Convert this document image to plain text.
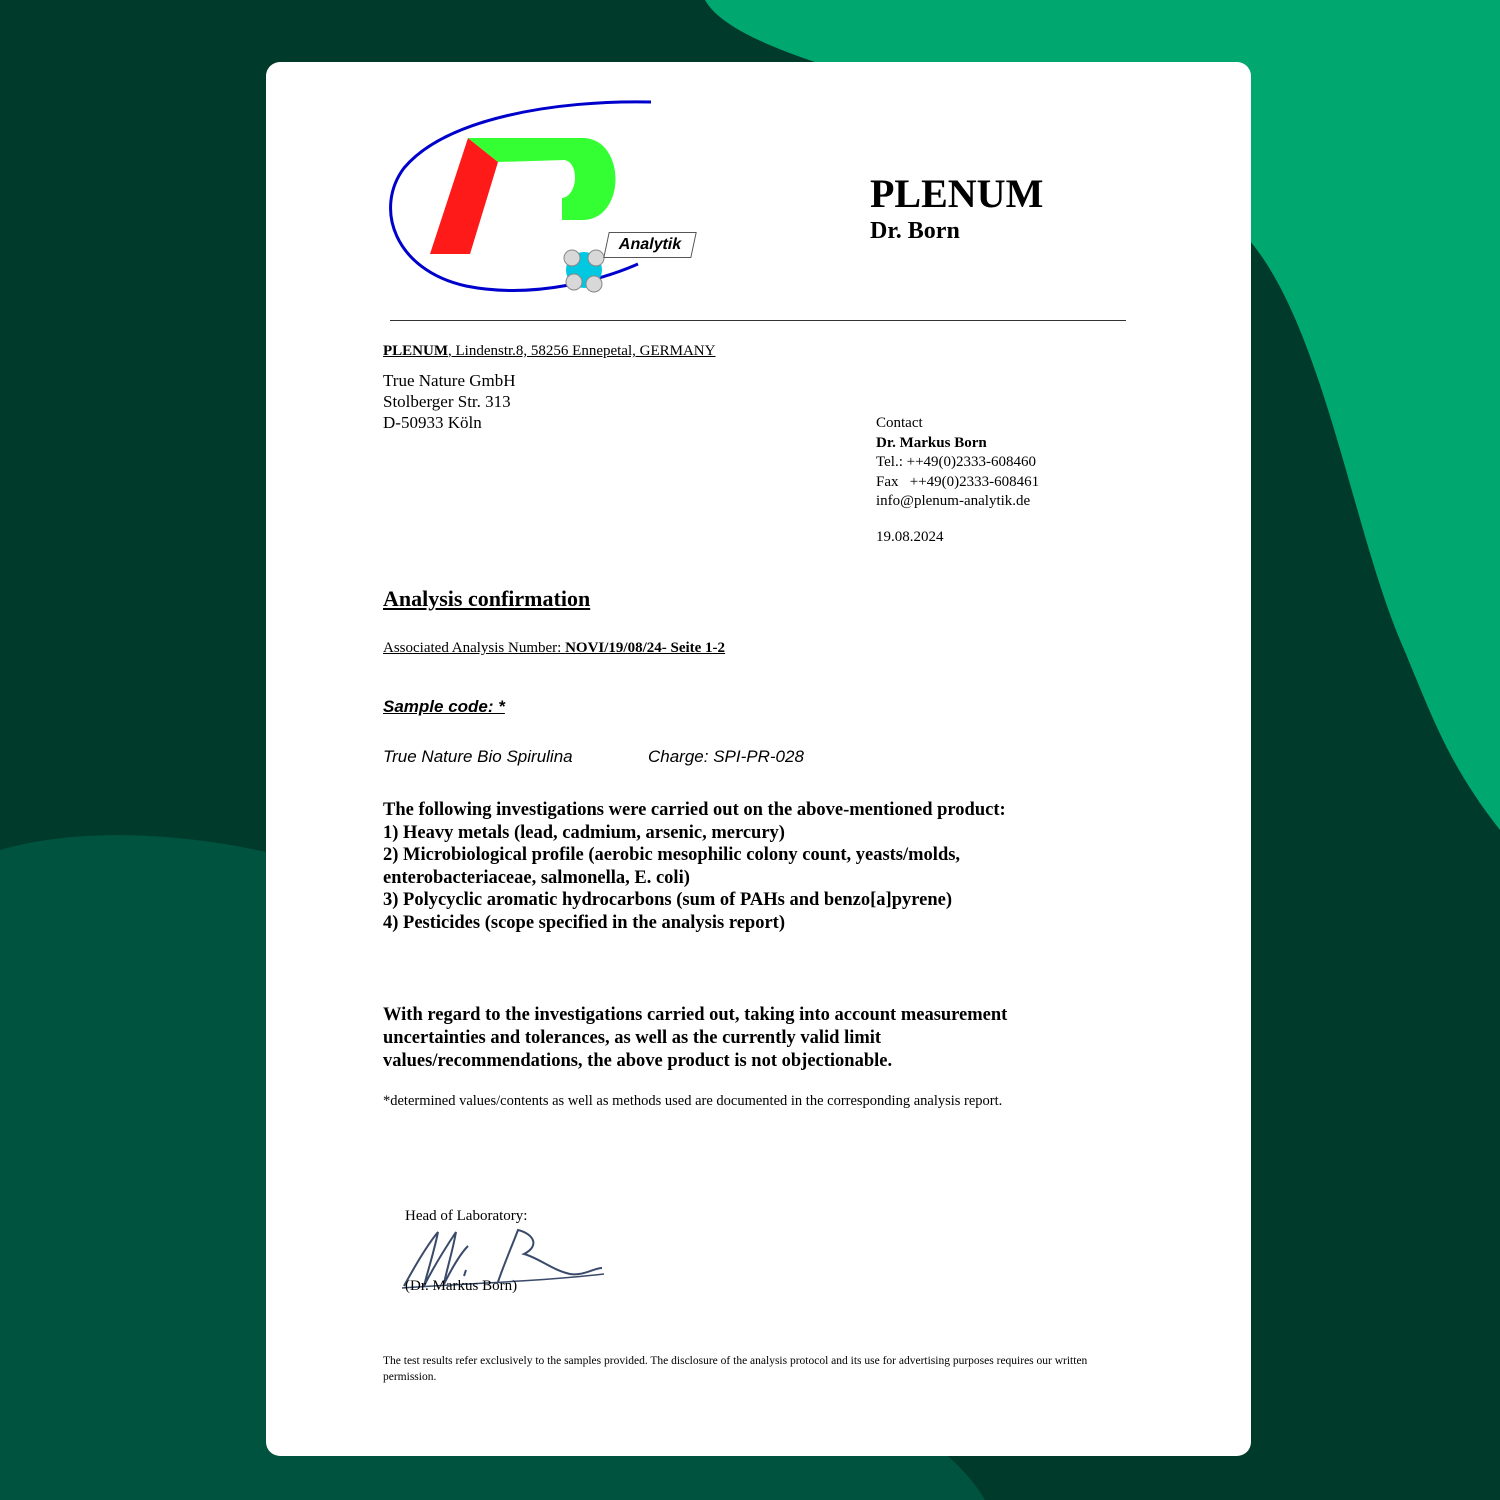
Analytik
PLENUM
Dr. Born
PLENUM, Lindenstr.8, 58256 Ennepetal, GERMANY
True Nature GmbH
Stolberger Str. 313
D-50933 Köln	Contact
Dr. Markus Born
Tel.: ++49(0)2333-608460
Fax   ++49(0)2333-608461
info@plenum-analytik.de
19.08.2024
Analysis confirmation
Associated Analysis Number: NOVI/19/08/24- Seite 1-2
Sample code: *
True Nature Bio Spirulina	Charge: SPI-PR-028
The following investigations were carried out on the above-mentioned product:
1) Heavy metals (lead, cadmium, arsenic, mercury)
2) Microbiological profile (aerobic mesophilic colony count, yeasts/molds,
enterobacteriaceae, salmonella, E. coli)
3) Polycyclic aromatic hydrocarbons (sum of PAHs and benzo[a]pyrene)
4) Pesticides (scope specified in the analysis report)
With regard to the investigations carried out, taking into account measurement
uncertainties and tolerances, as well as the currently valid limit
values/recommendations, the above product is not objectionable.
*determined values/contents as well as methods used are documented in the corresponding analysis report.
Head of Laboratory:
(Dr. Markus Born)
The test results refer exclusively to the samples provided. The disclosure of the analysis protocol and its use for advertising purposes requires our written permission.
